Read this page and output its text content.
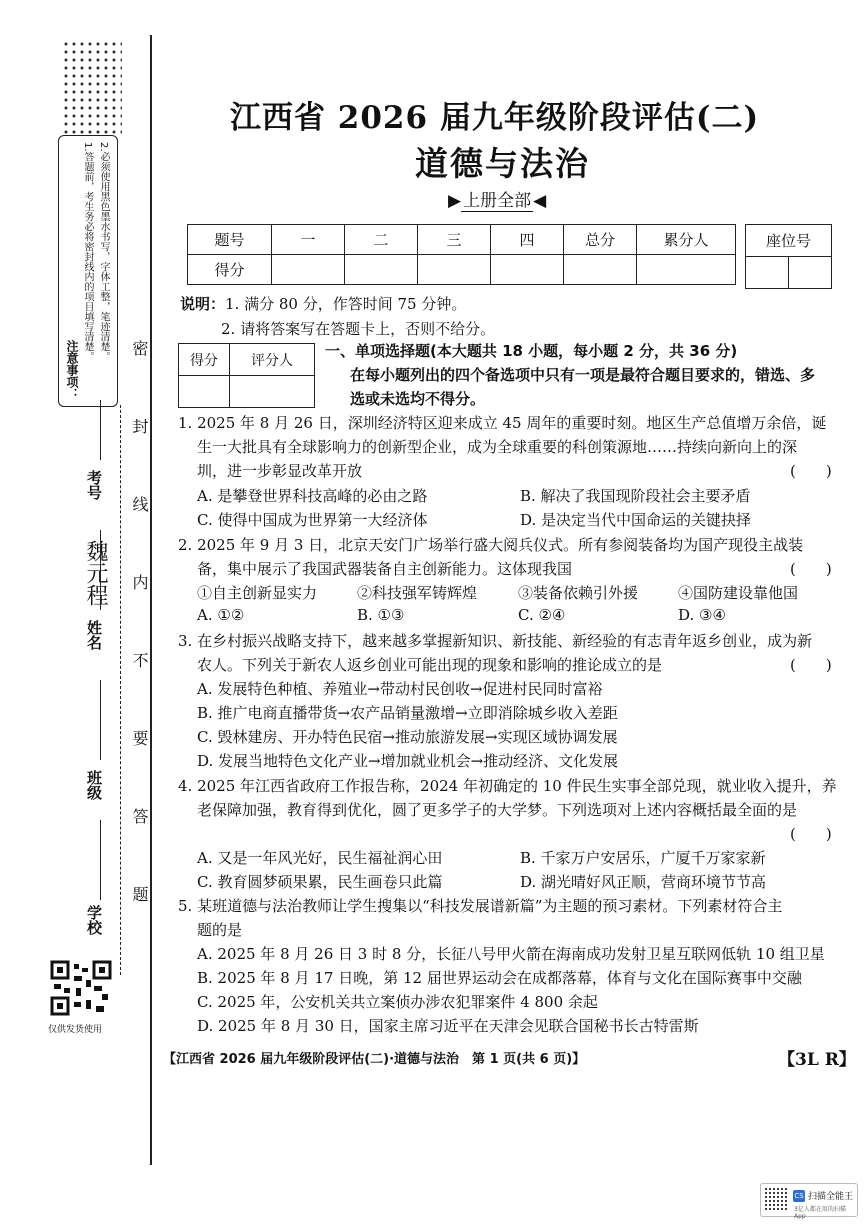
注意事项：
1.答题前，考生务必将密封线内的项目填写清楚。 2.必须使用黑色墨水书写，字体工整，笔迹清楚。
密封线内不要答题
考号
姓名
魏元程
班级
学校
仅供发货使用
江西省 2026 届九年级阶段评估(二)
道德与法治
▶ 上册全部 ◀
题号	一	二	三	四	总分	累分人
得分						
座位号

说明：1. 满分 80 分，作答时间 75 分钟。
2. 请将答案写在答题卡上，否则不给分。
得分	评分人

一、单项选择题(本大题共 18 小题，每小题 2 分，共 36 分)
在每小题列出的四个备选项中只有一项是最符合题目要求的，错选、多
选或未选均不得分。
1. 2025 年 8 月 26 日，深圳经济特区迎来成立 45 周年的重要时刻。地区生产总值增万余倍，诞
生一大批具有全球影响力的创新型企业，成为全球重要的科创策源地……持续向新向上的深
圳，进一步彰显改革开放	(　　)
A. 是攀登世界科技高峰的必由之路	B. 解决了我国现阶段社会主要矛盾
C. 使得中国成为世界第一大经济体	D. 是决定当代中国命运的关键抉择
2. 2025 年 9 月 3 日，北京天安门广场举行盛大阅兵仪式。所有参阅装备均为国产现役主战装
备，集中展示了我国武器装备自主创新能力。这体现我国	(　　)
①自主创新显实力	②科技强军铸辉煌	③装备依赖引外援	④国防建设靠他国
A. ①②	B. ①③	C. ②④	D. ③④
3. 在乡村振兴战略支持下，越来越多掌握新知识、新技能、新经验的有志青年返乡创业，成为新
农人。下列关于新农人返乡创业可能出现的现象和影响的推论成立的是	(　　)
A. 发展特色种植、养殖业→带动村民创收→促进村民同时富裕
B. 推广电商直播带货→农产品销量激增→立即消除城乡收入差距
C. 毁林建房、开办特色民宿→推动旅游发展→实现区域协调发展
D. 发展当地特色文化产业→增加就业机会→推动经济、文化发展
4. 2025 年江西省政府工作报告称，2024 年初确定的 10 件民生实事全部兑现，就业收入提升，养
老保障加强，教育得到优化，圆了更多学子的大学梦。下列选项对上述内容概括最全面的是
(　　)
A. 又是一年风光好，民生福祉润心田	B. 千家万户安居乐，广厦千万家家新
C. 教育圆梦硕果累，民生画卷只此篇	D. 湖光晴好风正顺，营商环境节节高
5. 某班道德与法治教师让学生搜集以“科技发展谱新篇”为主题的预习素材。下列素材符合主
题的是
A. 2025 年 8 月 26 日 3 时 8 分，长征八号甲火箭在海南成功发射卫星互联网低轨 10 组卫星
B. 2025 年 8 月 17 日晚，第 12 届世界运动会在成都落幕，体育与文化在国际赛事中交融
C. 2025 年，公安机关共立案侦办涉农犯罪案件 4 800 余起
D. 2025 年 8 月 30 日，国家主席习近平在天津会见联合国秘书长古特雷斯
【江西省 2026 届九年级阶段评估(二)·道德与法治　第 1 页(共 6 页)】	【3L R】
CS 扫描全能王
3亿人都在用的扫描App
